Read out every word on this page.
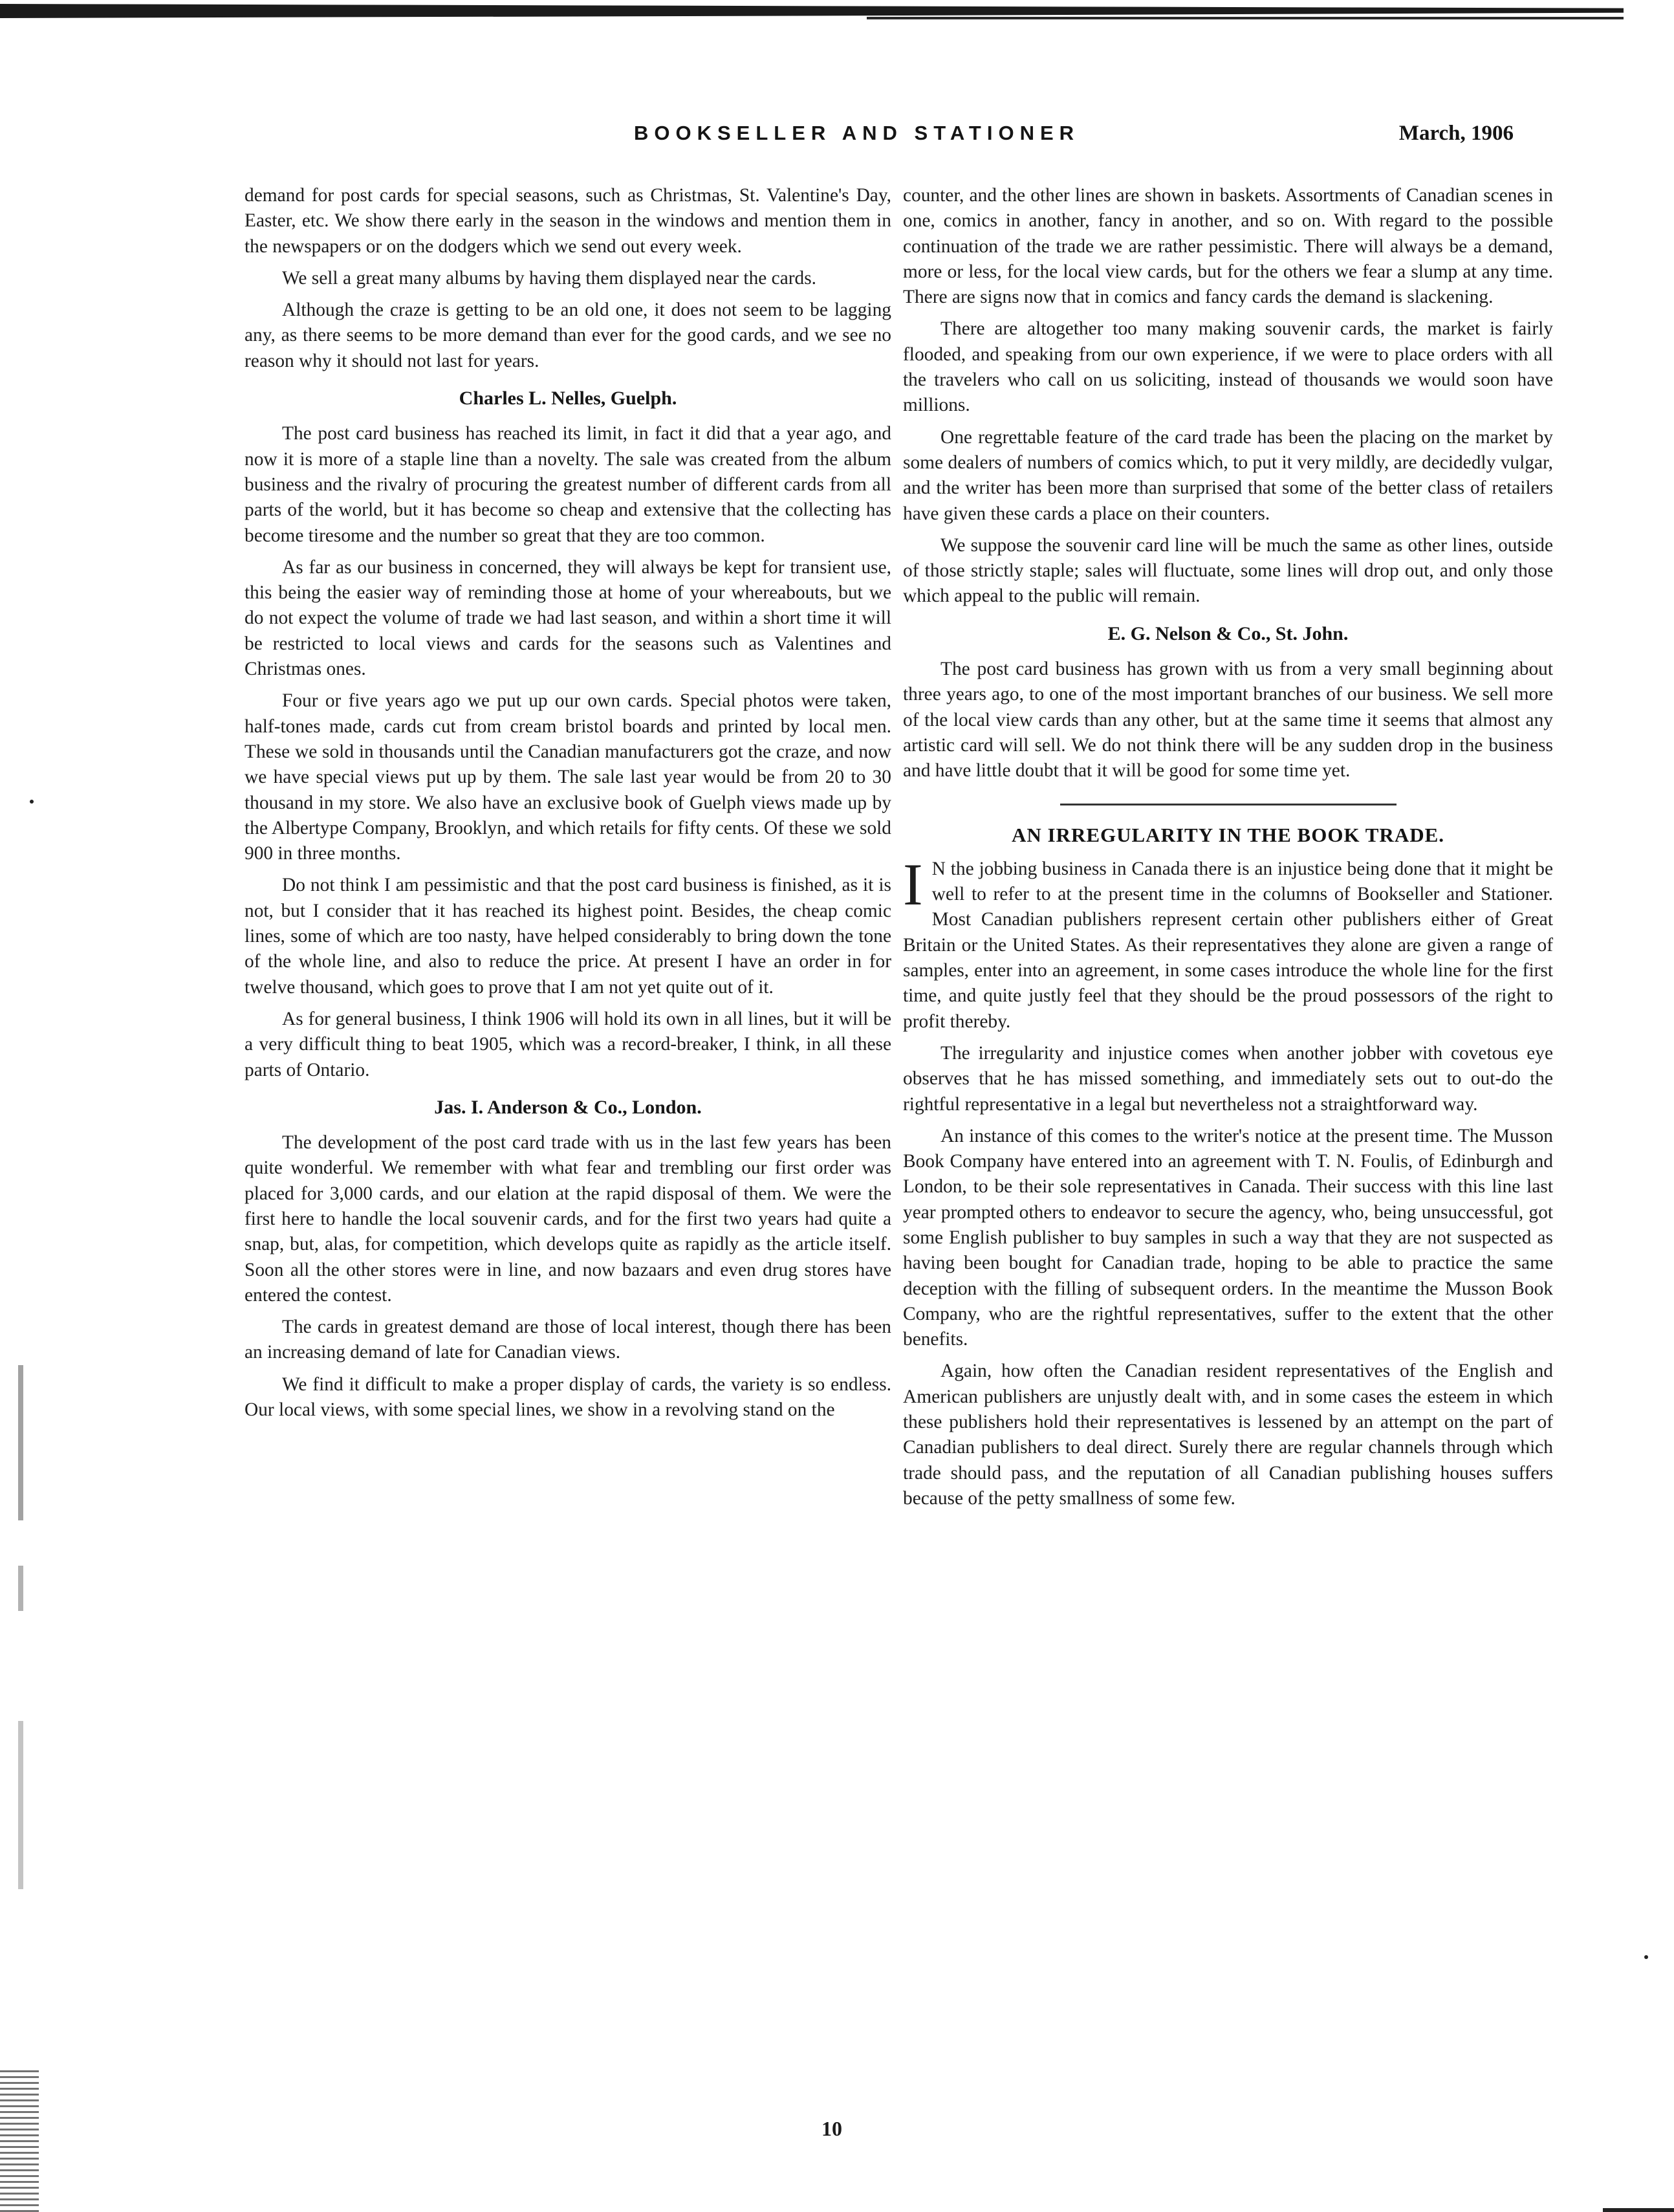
BOOKSELLER AND STATIONER	March, 1906

demand for post cards for special seasons, such as Christmas, St. Valentine's Day, Easter, etc. We show there early in the season in the windows and mention them in the newspapers or on the dodgers which we send out every week.

We sell a great many albums by having them displayed near the cards.

Although the craze is getting to be an old one, it does not seem to be lagging any, as there seems to be more demand than ever for the good cards, and we see no reason why it should not last for years.

Charles L. Nelles, Guelph.

The post card business has reached its limit, in fact it did that a year ago, and now it is more of a staple line than a novelty. The sale was created from the album business and the rivalry of procuring the greatest number of different cards from all parts of the world, but it has become so cheap and extensive that the collecting has become tiresome and the number so great that they are too common.

As far as our business in concerned, they will always be kept for transient use, this being the easier way of reminding those at home of your whereabouts, but we do not expect the volume of trade we had last season, and within a short time it will be restricted to local views and cards for the seasons such as Valentines and Christmas ones.

Four or five years ago we put up our own cards. Special photos were taken, half-tones made, cards cut from cream bristol boards and printed by local men. These we sold in thousands until the Canadian manufacturers got the craze, and now we have special views put up by them. The sale last year would be from 20 to 30 thousand in my store. We also have an exclusive book of Guelph views made up by the Albertype Company, Brooklyn, and which retails for fifty cents. Of these we sold 900 in three months.

Do not think I am pessimistic and that the post card business is finished, as it is not, but I consider that it has reached its highest point. Besides, the cheap comic lines, some of which are too nasty, have helped considerably to bring down the tone of the whole line, and also to reduce the price. At present I have an order in for twelve thousand, which goes to prove that I am not yet quite out of it.

As for general business, I think 1906 will hold its own in all lines, but it will be a very difficult thing to beat 1905, which was a record-breaker, I think, in all these parts of Ontario.

Jas. I. Anderson & Co., London.

The development of the post card trade with us in the last few years has been quite wonderful. We remember with what fear and trembling our first order was placed for 3,000 cards, and our elation at the rapid disposal of them. We were the first here to handle the local souvenir cards, and for the first two years had quite a snap, but, alas, for competition, which develops quite as rapidly as the article itself. Soon all the other stores were in line, and now bazaars and even drug stores have entered the contest.

The cards in greatest demand are those of local interest, though there has been an increasing demand of late for Canadian views.

We find it difficult to make a proper display of cards, the variety is so endless. Our local views, with some special lines, we show in a revolving stand on the

counter, and the other lines are shown in baskets. Assortments of Canadian scenes in one, comics in another, fancy in another, and so on. With regard to the possible continuation of the trade we are rather pessimistic. There will always be a demand, more or less, for the local view cards, but for the others we fear a slump at any time. There are signs now that in comics and fancy cards the demand is slackening.

There are altogether too many making souvenir cards, the market is fairly flooded, and speaking from our own experience, if we were to place orders with all the travelers who call on us soliciting, instead of thousands we would soon have millions.

One regrettable feature of the card trade has been the placing on the market by some dealers of numbers of comics which, to put it very mildly, are decidedly vulgar, and the writer has been more than surprised that some of the better class of retailers have given these cards a place on their counters.

We suppose the souvenir card line will be much the same as other lines, outside of those strictly staple; sales will fluctuate, some lines will drop out, and only those which appeal to the public will remain.

E. G. Nelson & Co., St. John.

The post card business has grown with us from a very small beginning about three years ago, to one of the most important branches of our business. We sell more of the local view cards than any other, but at the same time it seems that almost any artistic card will sell. We do not think there will be any sudden drop in the business and have little doubt that it will be good for some time yet.

AN IRREGULARITY IN THE BOOK TRADE.

I N the jobbing business in Canada there is an injustice being done that it might be well to refer to at the present time in the columns of Bookseller and Stationer. Most Canadian publishers represent certain other publishers either of Great Britain or the United States. As their representatives they alone are given a range of samples, enter into an agreement, in some cases introduce the whole line for the first time, and quite justly feel that they should be the proud possessors of the right to profit thereby.

The irregularity and injustice comes when another jobber with covetous eye observes that he has missed something, and immediately sets out to out-do the rightful representative in a legal but nevertheless not a straightforward way.

An instance of this comes to the writer's notice at the present time. The Musson Book Company have entered into an agreement with T. N. Foulis, of Edinburgh and London, to be their sole representatives in Canada. Their success with this line last year prompted others to endeavor to secure the agency, who, being unsuccessful, got some English publisher to buy samples in such a way that they are not suspected as having been bought for Canadian trade, hoping to be able to practice the same deception with the filling of subsequent orders. In the meantime the Musson Book Company, who are the rightful representatives, suffer to the extent that the other benefits.

Again, how often the Canadian resident representatives of the English and American publishers are unjustly dealt with, and in some cases the esteem in which these publishers hold their representatives is lessened by an attempt on the part of Canadian publishers to deal direct. Surely there are regular channels through which trade should pass, and the reputation of all Canadian publishing houses suffers because of the petty smallness of some few.

10
